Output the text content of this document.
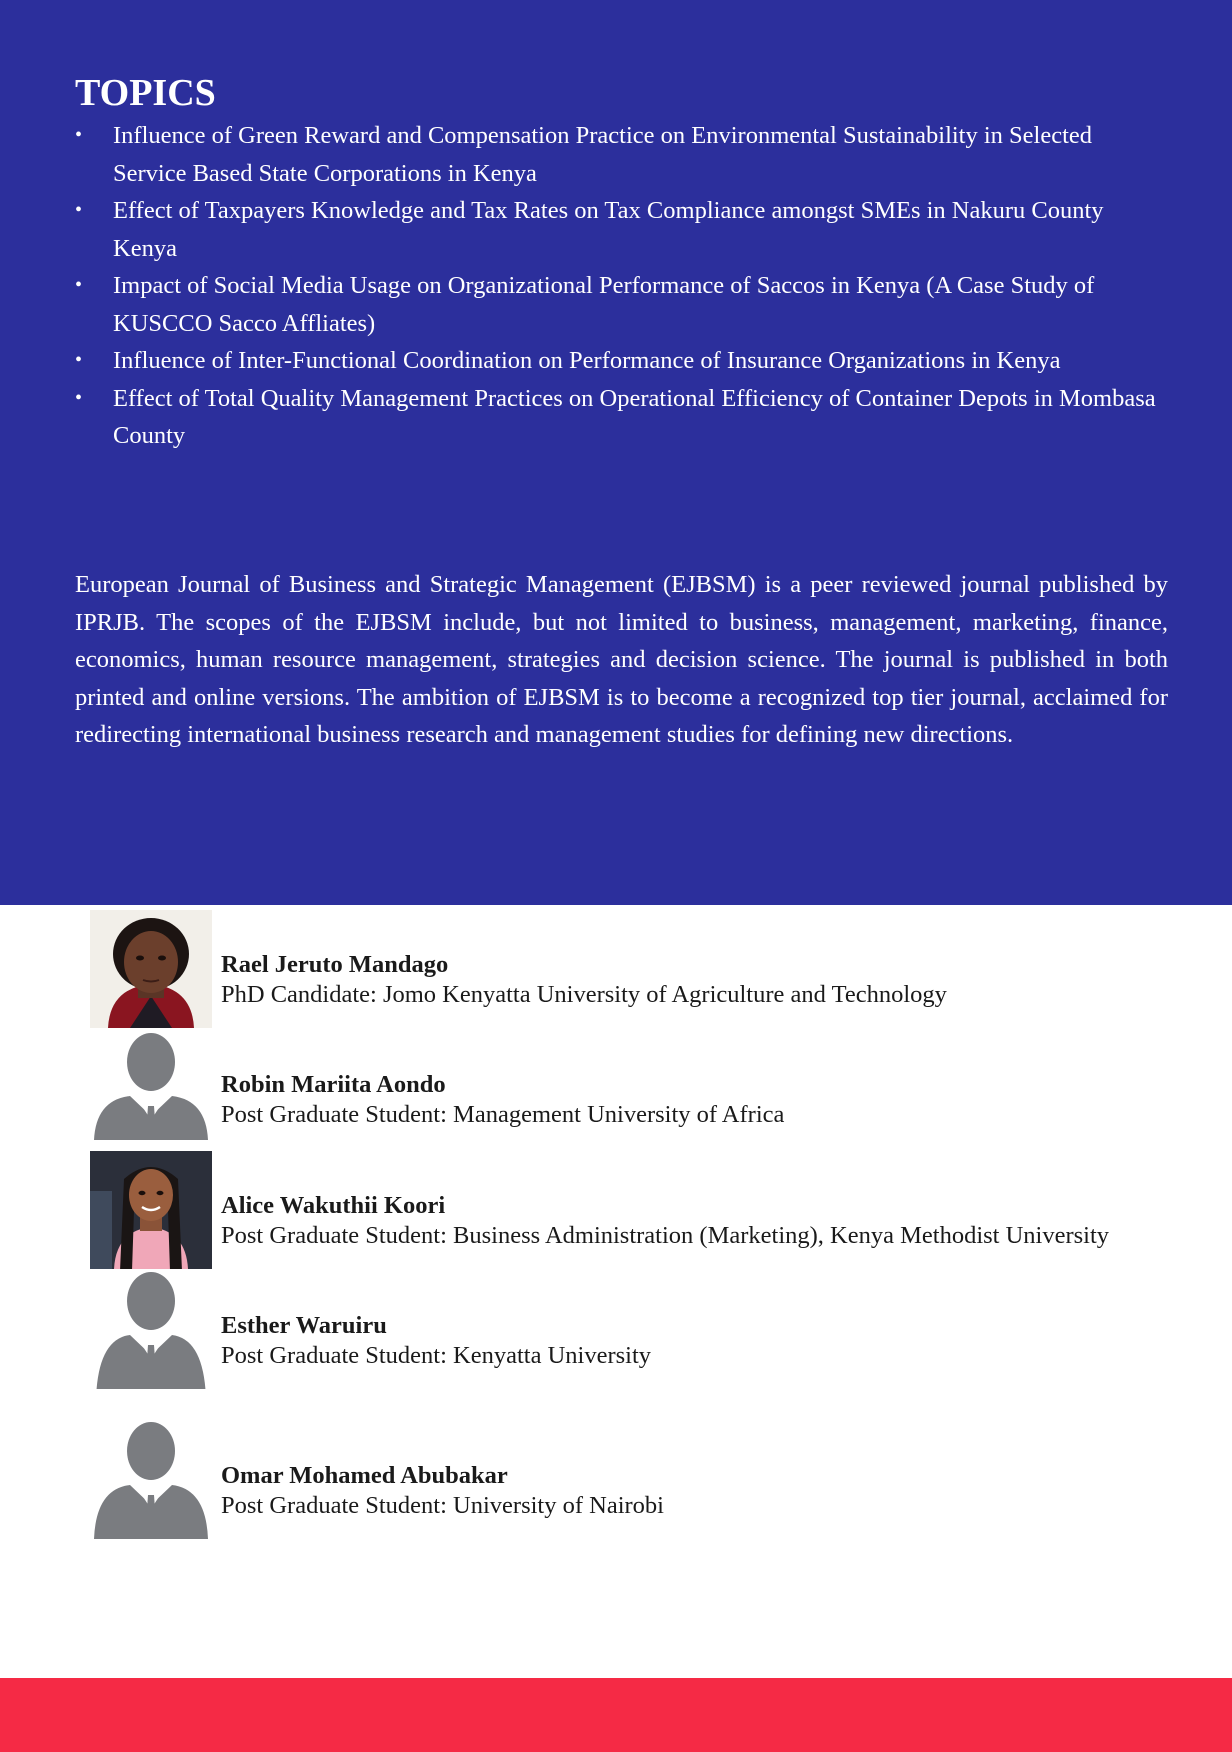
TOPICS
• Influence of Green Reward and Compensation Practice on Environmental Sustainability in Selected Service Based State Corporations in Kenya
• Effect of Taxpayers Knowledge and Tax Rates on Tax Compliance amongst SMEs in Nakuru County Kenya
• Impact of Social Media Usage on Organizational Performance of Saccos in Kenya (A Case Study of KUSCCO Sacco Affliates)
• Influence of Inter-Functional Coordination on Performance of Insurance Organizations in Kenya
• Effect of Total Quality Management Practices on Operational Efficiency of Container Depots in Mombasa County

European Journal of Business and Strategic Management (EJBSM) is a peer reviewed journal published by IPRJB. The scopes of the EJBSM include, but not limited to business, management, marketing, finance, economics, human resource management, strategies and decision science. The journal is published in both printed and online versions. The ambition of EJBSM is to become a recognized top tier journal, acclaimed for redirecting international business research and management studies for defining new directions.

Rael Jeruto Mandago
PhD Candidate: Jomo Kenyatta University of Agriculture and Technology
Robin Mariita Aondo
Post Graduate Student: Management University of Africa
Alice Wakuthii Koori
Post Graduate Student: Business Administration (Marketing), Kenya Methodist University
Esther Waruiru
Post Graduate Student: Kenyatta University
Omar Mohamed Abubakar
Post Graduate Student: University of Nairobi
